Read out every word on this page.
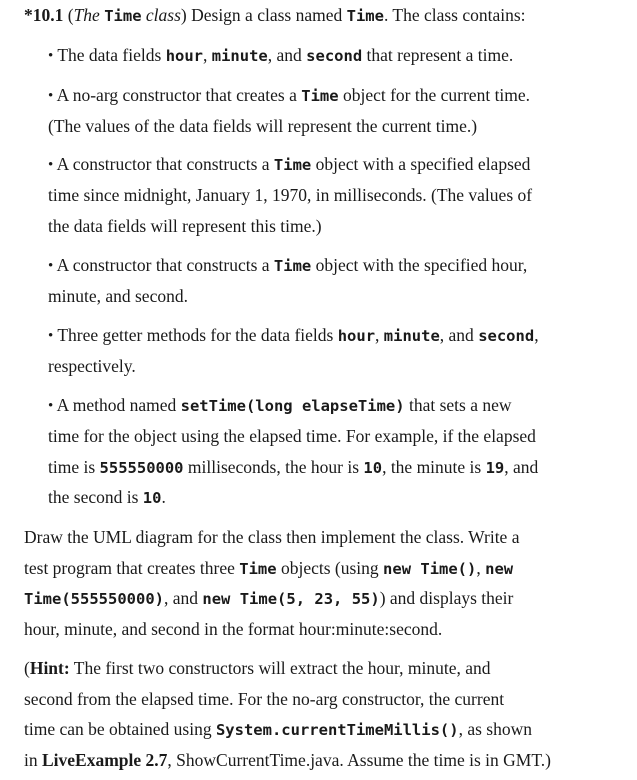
*10.1 (The Time class) Design a class named Time. The class contains:
• The data fields hour, minute, and second that represent a time.
• A no-arg constructor that creates a Time object for the current time.
(The values of the data fields will represent the current time.)
• A constructor that constructs a Time object with a specified elapsed
time since midnight, January 1, 1970, in milliseconds. (The values of
the data fields will represent this time.)
• A constructor that constructs a Time object with the specified hour,
minute, and second.
• Three getter methods for the data fields hour, minute, and second,
respectively.
• A method named setTime(long elapseTime) that sets a new
time for the object using the elapsed time. For example, if the elapsed
time is 555550000 milliseconds, the hour is 10, the minute is 19, and
the second is 10.
Draw the UML diagram for the class then implement the class. Write a
test program that creates three Time objects (using new Time(), new
Time(555550000), and new Time(5, 23, 55)) and displays their
hour, minute, and second in the format hour:minute:second.
(Hint: The first two constructors will extract the hour, minute, and
second from the elapsed time. For the no-arg constructor, the current
time can be obtained using System.currentTimeMillis(), as shown
in LiveExample 2.7, ShowCurrentTime.java. Assume the time is in GMT.)
